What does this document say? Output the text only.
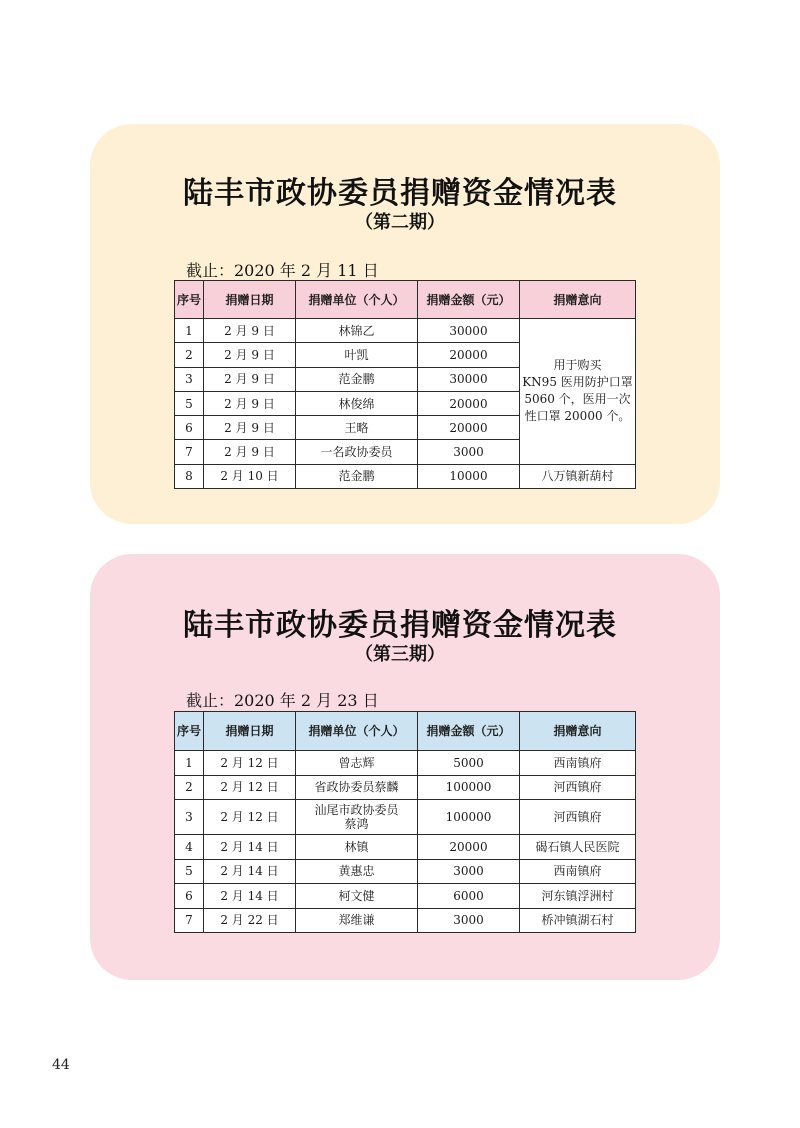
陆丰市政协委员捐赠资金情况表
（第二期）
截止：2020 年 2 月 11 日
序号	捐赠日期	捐赠单位（个人）	捐赠金额（元）	捐赠意向
1	2 月 9 日	林锦乙	30000	用于购买
KN95 医用防护口罩
5060 个，医用一次
性口罩 20000 个。

2	2 月 9 日	叶凯	20000	
3	2 月 9 日	范金鹏	30000	
5	2 月 9 日	林俊绵	20000	
6	2 月 9 日	王略	20000	
7	2 月 9 日	一名政协委员	3000	
8	2 月 10 日	范金鹏	10000	八万镇新葫村
陆丰市政协委员捐赠资金情况表
（第三期）
截止：2020 年 2 月 23 日
序号	捐赠日期	捐赠单位（个人）	捐赠金额（元）	捐赠意向
1	2 月 12 日	曾志辉	5000	西南镇府
2	2 月 12 日	省政协委员蔡麟	100000	河西镇府
3	2 月 12 日	汕尾市政协委员
蔡鸿	100000	河西镇府
4	2 月 14 日	林镇	20000	碣石镇人民医院
5	2 月 14 日	黄惠忠	3000	西南镇府
6	2 月 14 日	柯文健	6000	河东镇浮洲村
7	2 月 22 日	郑维谦	3000	桥冲镇湖石村
44
